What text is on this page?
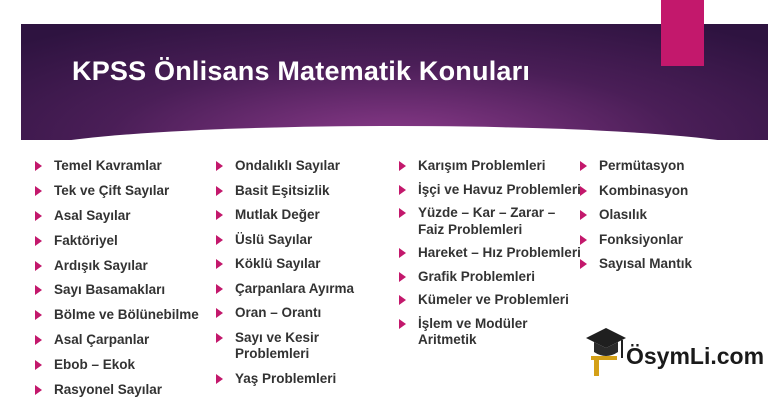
KPSS Önlisans Matematik Konuları
Temel Kavramlar
Tek ve Çift Sayılar
Asal Sayılar
Faktöriyel
Ardışık Sayılar
Sayı Basamakları
Bölme ve Bölünebilme
Asal Çarpanlar
Ebob – Ekok
Rasyonel Sayılar
Ondalıklı Sayılar
Basit Eşitsizlik
Mutlak Değer
Üslü Sayılar
Köklü Sayılar
Çarpanlara Ayırma
Oran – Orantı
Sayı ve Kesir Problemleri
Yaş Problemleri
Karışım Problemleri
İşçi ve Havuz Problemleri
Yüzde – Kar – Zarar – Faiz Problemleri
Hareket – Hız Problemleri
Grafik Problemleri
Kümeler ve Problemleri
İşlem ve Modüler Aritmetik
Permütasyon
Kombinasyon
Olasılık
Fonksiyonlar
Sayısal Mantık

ÖsymLi.com
